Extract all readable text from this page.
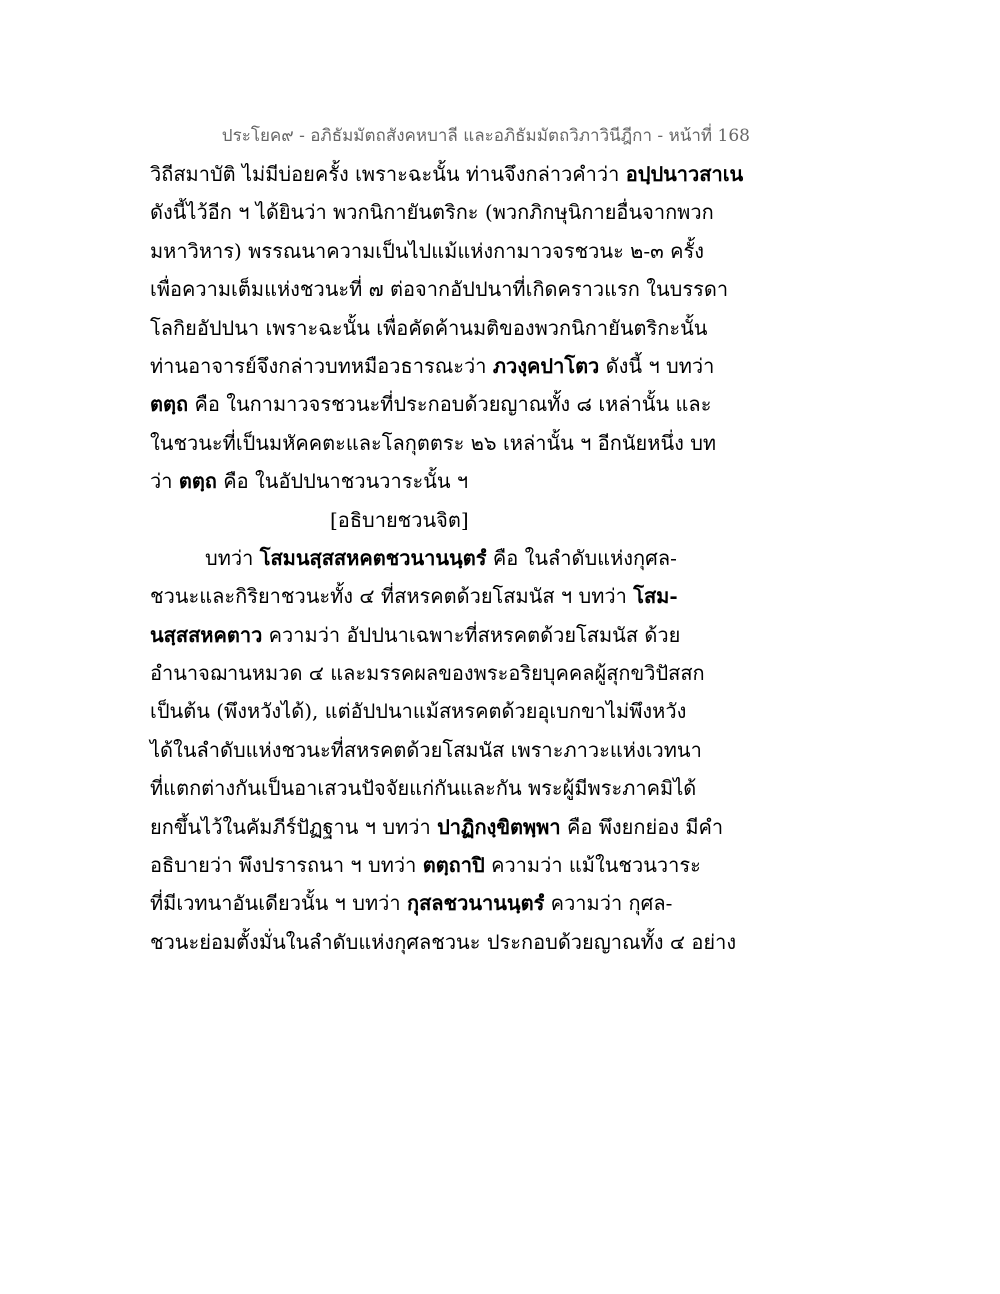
ประโยค๙ - อภิธัมมัตถสังคหบาลี และอภิธัมมัตถวิภาวินีฎีกา - หน้าที่ 168
วิถีสมาบัติ ไม่มีบ่อยครั้ง เพราะฉะนั้น ท่านจึงกล่าวคำว่า อปฺปนาวสาเน
ดังนี้ไว้อีก ฯ ได้ยินว่า พวกนิกายันตริกะ (พวกภิกษุนิกายอื่นจากพวก
มหาวิหาร) พรรณนาความเป็นไปแม้แห่งกามาวจรชวนะ ๒-๓ ครั้ง
เพื่อความเต็มแห่งชวนะที่ ๗ ต่อจากอัปปนาที่เกิดคราวแรก ในบรรดา
โลกิยอัปปนา เพราะฉะนั้น เพื่อคัดค้านมติของพวกนิกายันตริกะนั้น
ท่านอาจารย์จึงกล่าวบทหมือวธารณะว่า ภวงฺคปาโตว ดังนี้ ฯ บทว่า
ตตฺถ คือ ในกามาวจรชวนะที่ประกอบด้วยญาณทั้ง ๘ เหล่านั้น และ
ในชวนะที่เป็นมหัคคตะและโลกุตตระ ๒๖ เหล่านั้น ฯ อีกนัยหนึ่ง บท
ว่า ตตฺถ คือ ในอัปปนาชวนวาระนั้น ฯ
[อธิบายชวนจิต]
บทว่า โสมนสฺสสหคตชวนานนฺตรํ คือ ในลำดับแห่งกุศล-
ชวนะและกิริยาชวนะทั้ง ๔ ที่สหรคตด้วยโสมนัส ฯ บทว่า โสม-
นสฺสสหคตาว ความว่า อัปปนาเฉพาะที่สหรคตด้วยโสมนัส ด้วย
อำนาจฌานหมวด ๔ และมรรคผลของพระอริยบุคคลผู้สุกขวิปัสสก
เป็นต้น (พึงหวังได้), แต่อัปปนาแม้สหรคตด้วยอุเบกขาไม่พึงหวัง
ได้ในลำดับแห่งชวนะที่สหรคตด้วยโสมนัส เพราะภาวะแห่งเวทนา
ที่แตกต่างกันเป็นอาเสวนปัจจัยแก่กันและกัน พระผู้มีพระภาคมิได้
ยกขึ้นไว้ในคัมภีร์ปัฏฐาน ฯ บทว่า ปาฏิกงฺขิตพฺพา คือ พึงยกย่อง มีคำ
อธิบายว่า พึงปรารถนา ฯ บทว่า ตตฺถาปิ ความว่า แม้ในชวนวาระ
ที่มีเวทนาอันเดียวนั้น ฯ บทว่า กุสลชวนานนฺตรํ ความว่า กุศล-
ชวนะย่อมตั้งมั่นในลำดับแห่งกุศลชวนะ ประกอบด้วยญาณทั้ง ๔ อย่าง
